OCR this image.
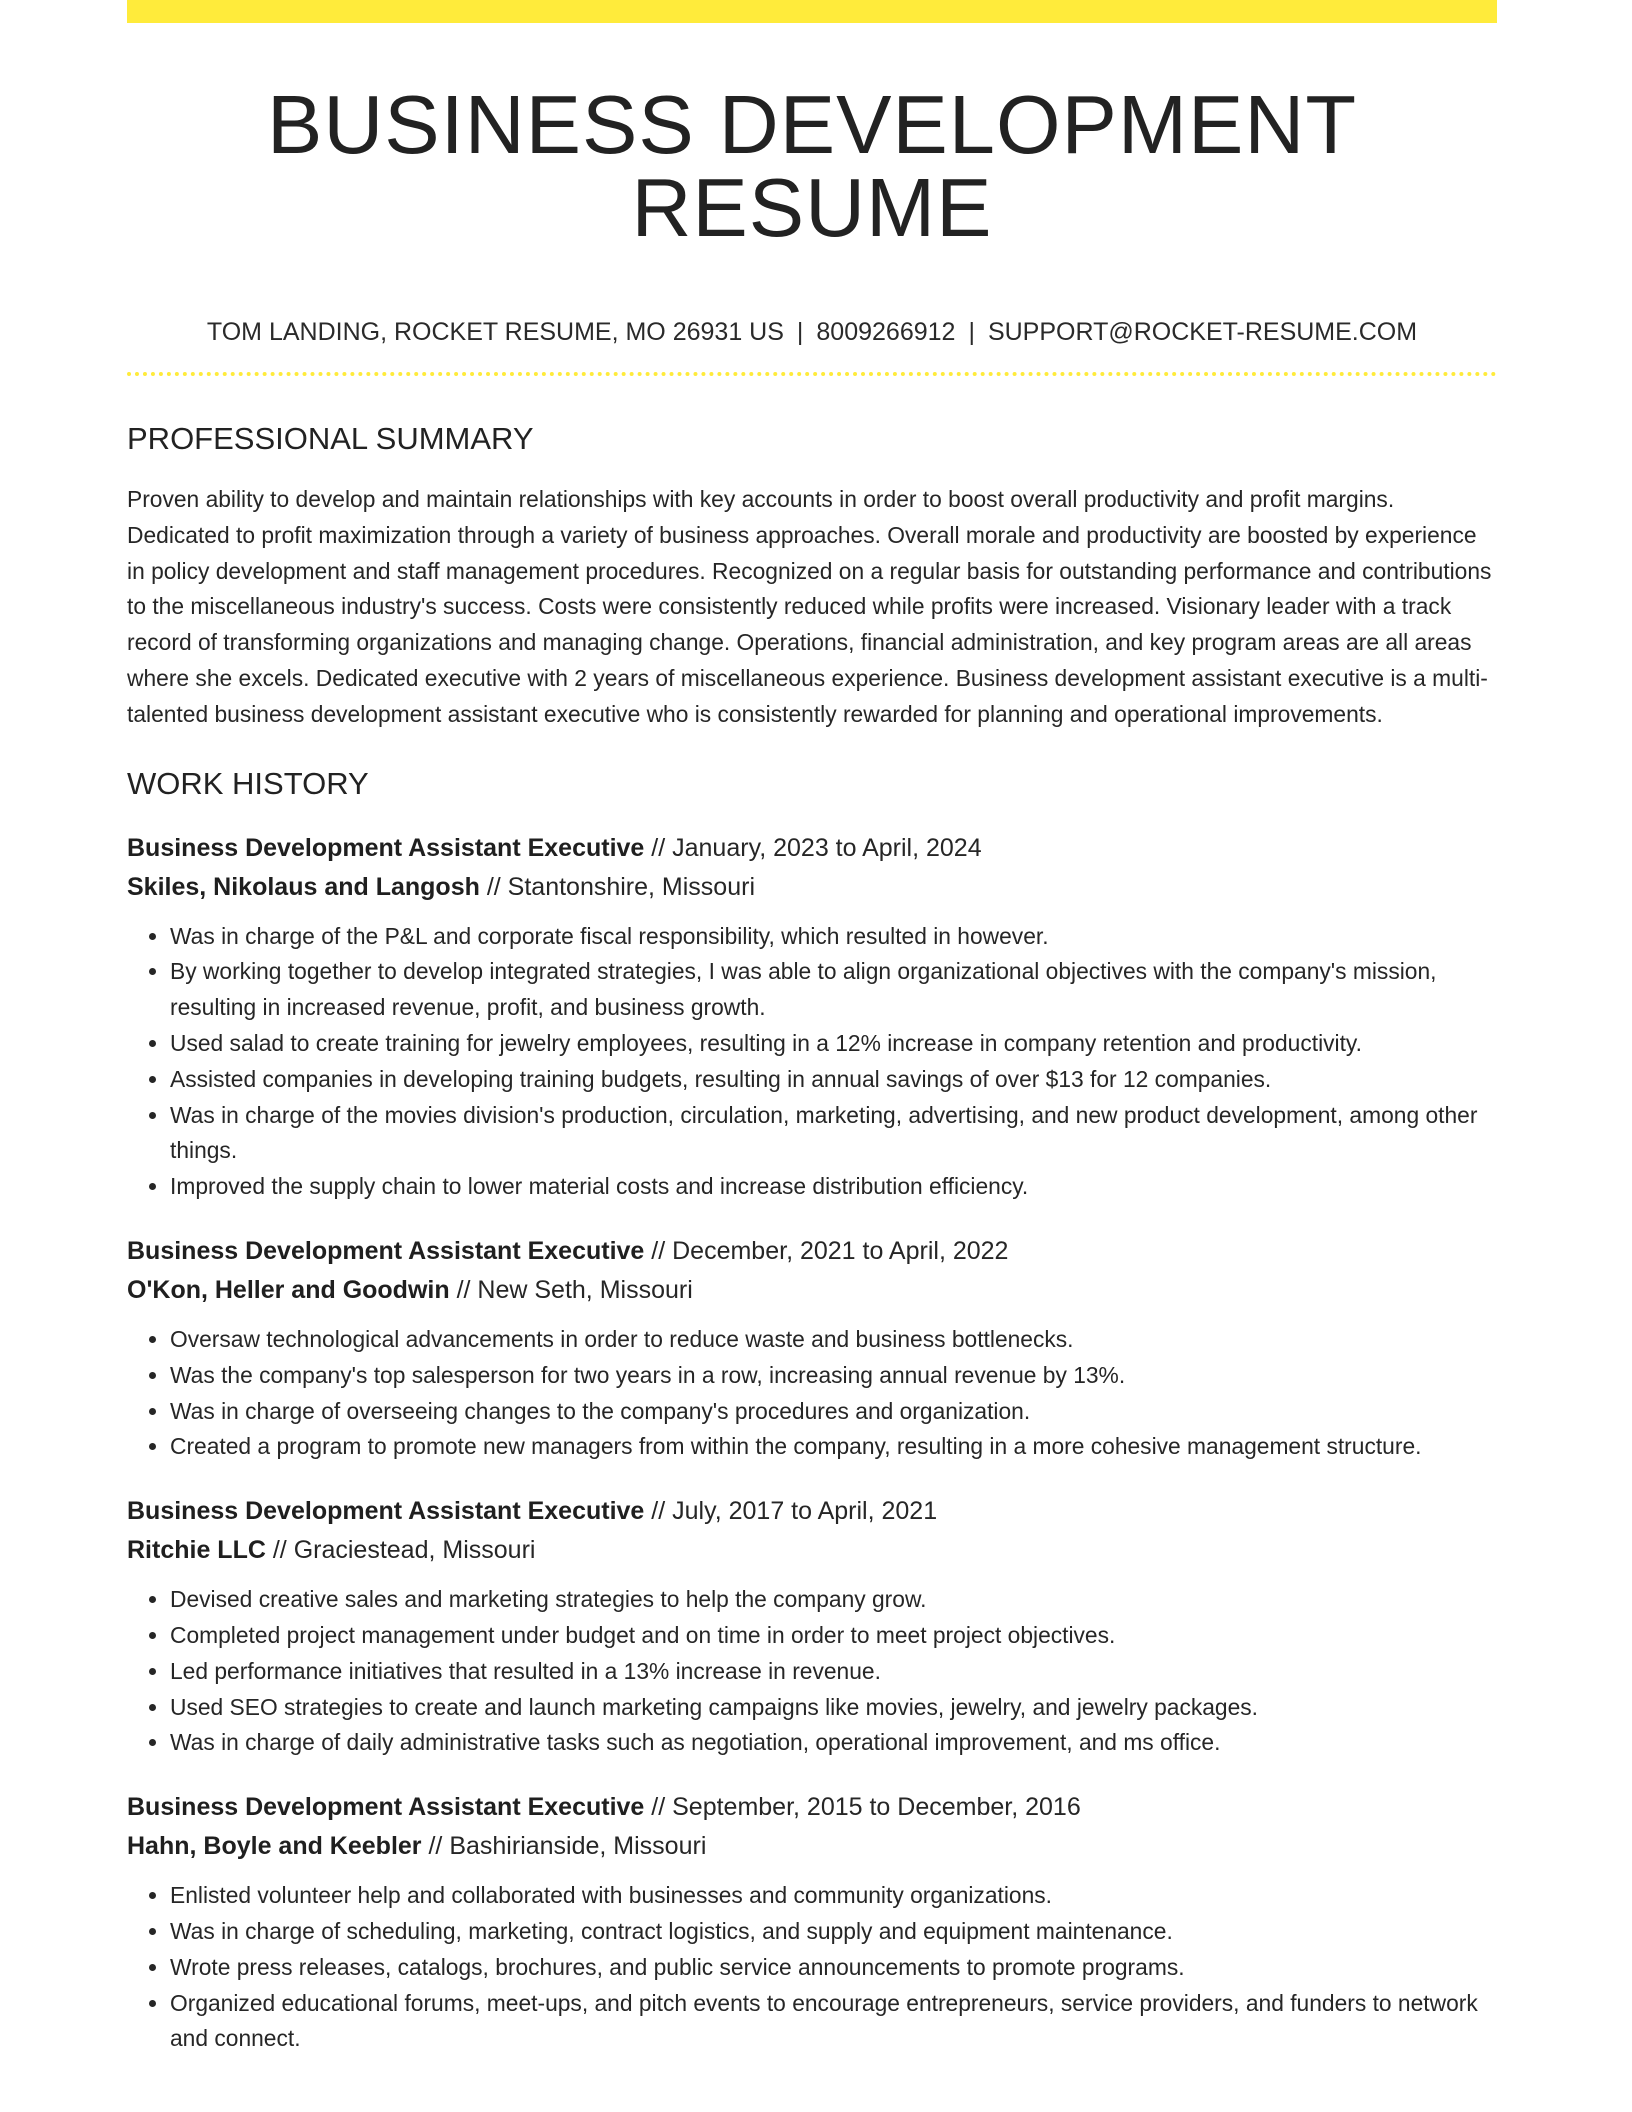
BUSINESS DEVELOPMENT RESUME
TOM LANDING, ROCKET RESUME, MO 26931 US | 8009266912 | SUPPORT@ROCKET-RESUME.COM
PROFESSIONAL SUMMARY

Proven ability to develop and maintain relationships with key accounts in order to boost overall productivity and profit margins. Dedicated to profit maximization through a variety of business approaches. Overall morale and productivity are boosted by experience in policy development and staff management procedures. Recognized on a regular basis for outstanding performance and contributions to the miscellaneous industry's success. Costs were consistently reduced while profits were increased. Visionary leader with a track record of transforming organizations and managing change. Operations, financial administration, and key program areas are all areas where she excels. Dedicated executive with 2 years of miscellaneous experience. Business development assistant executive is a multi-talented business development assistant executive who is consistently rewarded for planning and operational improvements.

WORK HISTORY
Business Development Assistant Executive // January, 2023 to April, 2024
Skiles, Nikolaus and Langosh // Stantonshire, Missouri
• Was in charge of the P&L and corporate fiscal responsibility, which resulted in however.
• By working together to develop integrated strategies, I was able to align organizational objectives with the company's mission, resulting in increased revenue, profit, and business growth.
• Used salad to create training for jewelry employees, resulting in a 12% increase in company retention and productivity.
• Assisted companies in developing training budgets, resulting in annual savings of over $13 for 12 companies.
• Was in charge of the movies division's production, circulation, marketing, advertising, and new product development, among other things.
• Improved the supply chain to lower material costs and increase distribution efficiency.
Business Development Assistant Executive // December, 2021 to April, 2022
O'Kon, Heller and Goodwin // New Seth, Missouri
• Oversaw technological advancements in order to reduce waste and business bottlenecks.
• Was the company's top salesperson for two years in a row, increasing annual revenue by 13%.
• Was in charge of overseeing changes to the company's procedures and organization.
• Created a program to promote new managers from within the company, resulting in a more cohesive management structure.
Business Development Assistant Executive // July, 2017 to April, 2021
Ritchie LLC // Graciestead, Missouri
• Devised creative sales and marketing strategies to help the company grow.
• Completed project management under budget and on time in order to meet project objectives.
• Led performance initiatives that resulted in a 13% increase in revenue.
• Used SEO strategies to create and launch marketing campaigns like movies, jewelry, and jewelry packages.
• Was in charge of daily administrative tasks such as negotiation, operational improvement, and ms office.
Business Development Assistant Executive // September, 2015 to December, 2016
Hahn, Boyle and Keebler // Bashirianside, Missouri
• Enlisted volunteer help and collaborated with businesses and community organizations.
• Was in charge of scheduling, marketing, contract logistics, and supply and equipment maintenance.
• Wrote press releases, catalogs, brochures, and public service announcements to promote programs.
• Organized educational forums, meet-ups, and pitch events to encourage entrepreneurs, service providers, and funders to network and connect.
